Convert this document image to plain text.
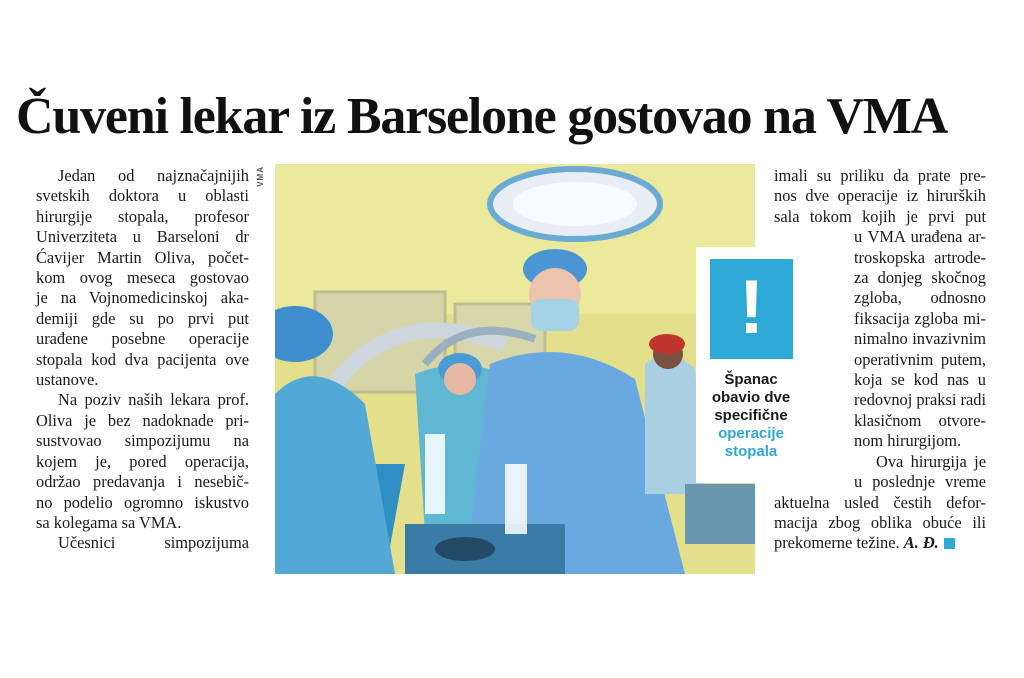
Čuveni lekar iz Barselone gostovao na VMA
Jedan od najznačajnijih
svetskih doktora u oblasti
hirurgije stopala, profesor
Univerziteta u Barseloni dr
Ćavijer Martin Oliva, počet-
kom ovog meseca gostovao
je na Vojnomedicinskoj aka-
demiji gde su po prvi put
urađene posebne operacije
stopala kod dva pacijenta ove
ustanove.
Na poziv naših lekara prof.
Oliva je bez nadoknade pri-
sustvovao simpozijumu na
kojem je, pored operacija,
održao predavanja i nesebič-
no podelio ogromno iskustvo
sa kolegama sa VMA.
Učesnici simpozijuma
VMA
!
Španac
obavio dve
specifične
operacije
stopala
imali su priliku da prate pre-
nos dve operacije iz hirurških
sala tokom kojih je prvi put
u VMA urađena ar-
troskopska artrode-
za donjeg skočnog
zgloba, odnosno
fiksacija zgloba mi-
nimalno invazivnim
operativnim putem,
koja se kod nas u
redovnoj praksi radi
klasičnom otvore-
nom hirurgijom.
Ova hirurgija je
u poslednje vreme
aktuelna usled čestih defor-
macija zbog oblika obuće ili
prekomerne težine. A. Đ.
